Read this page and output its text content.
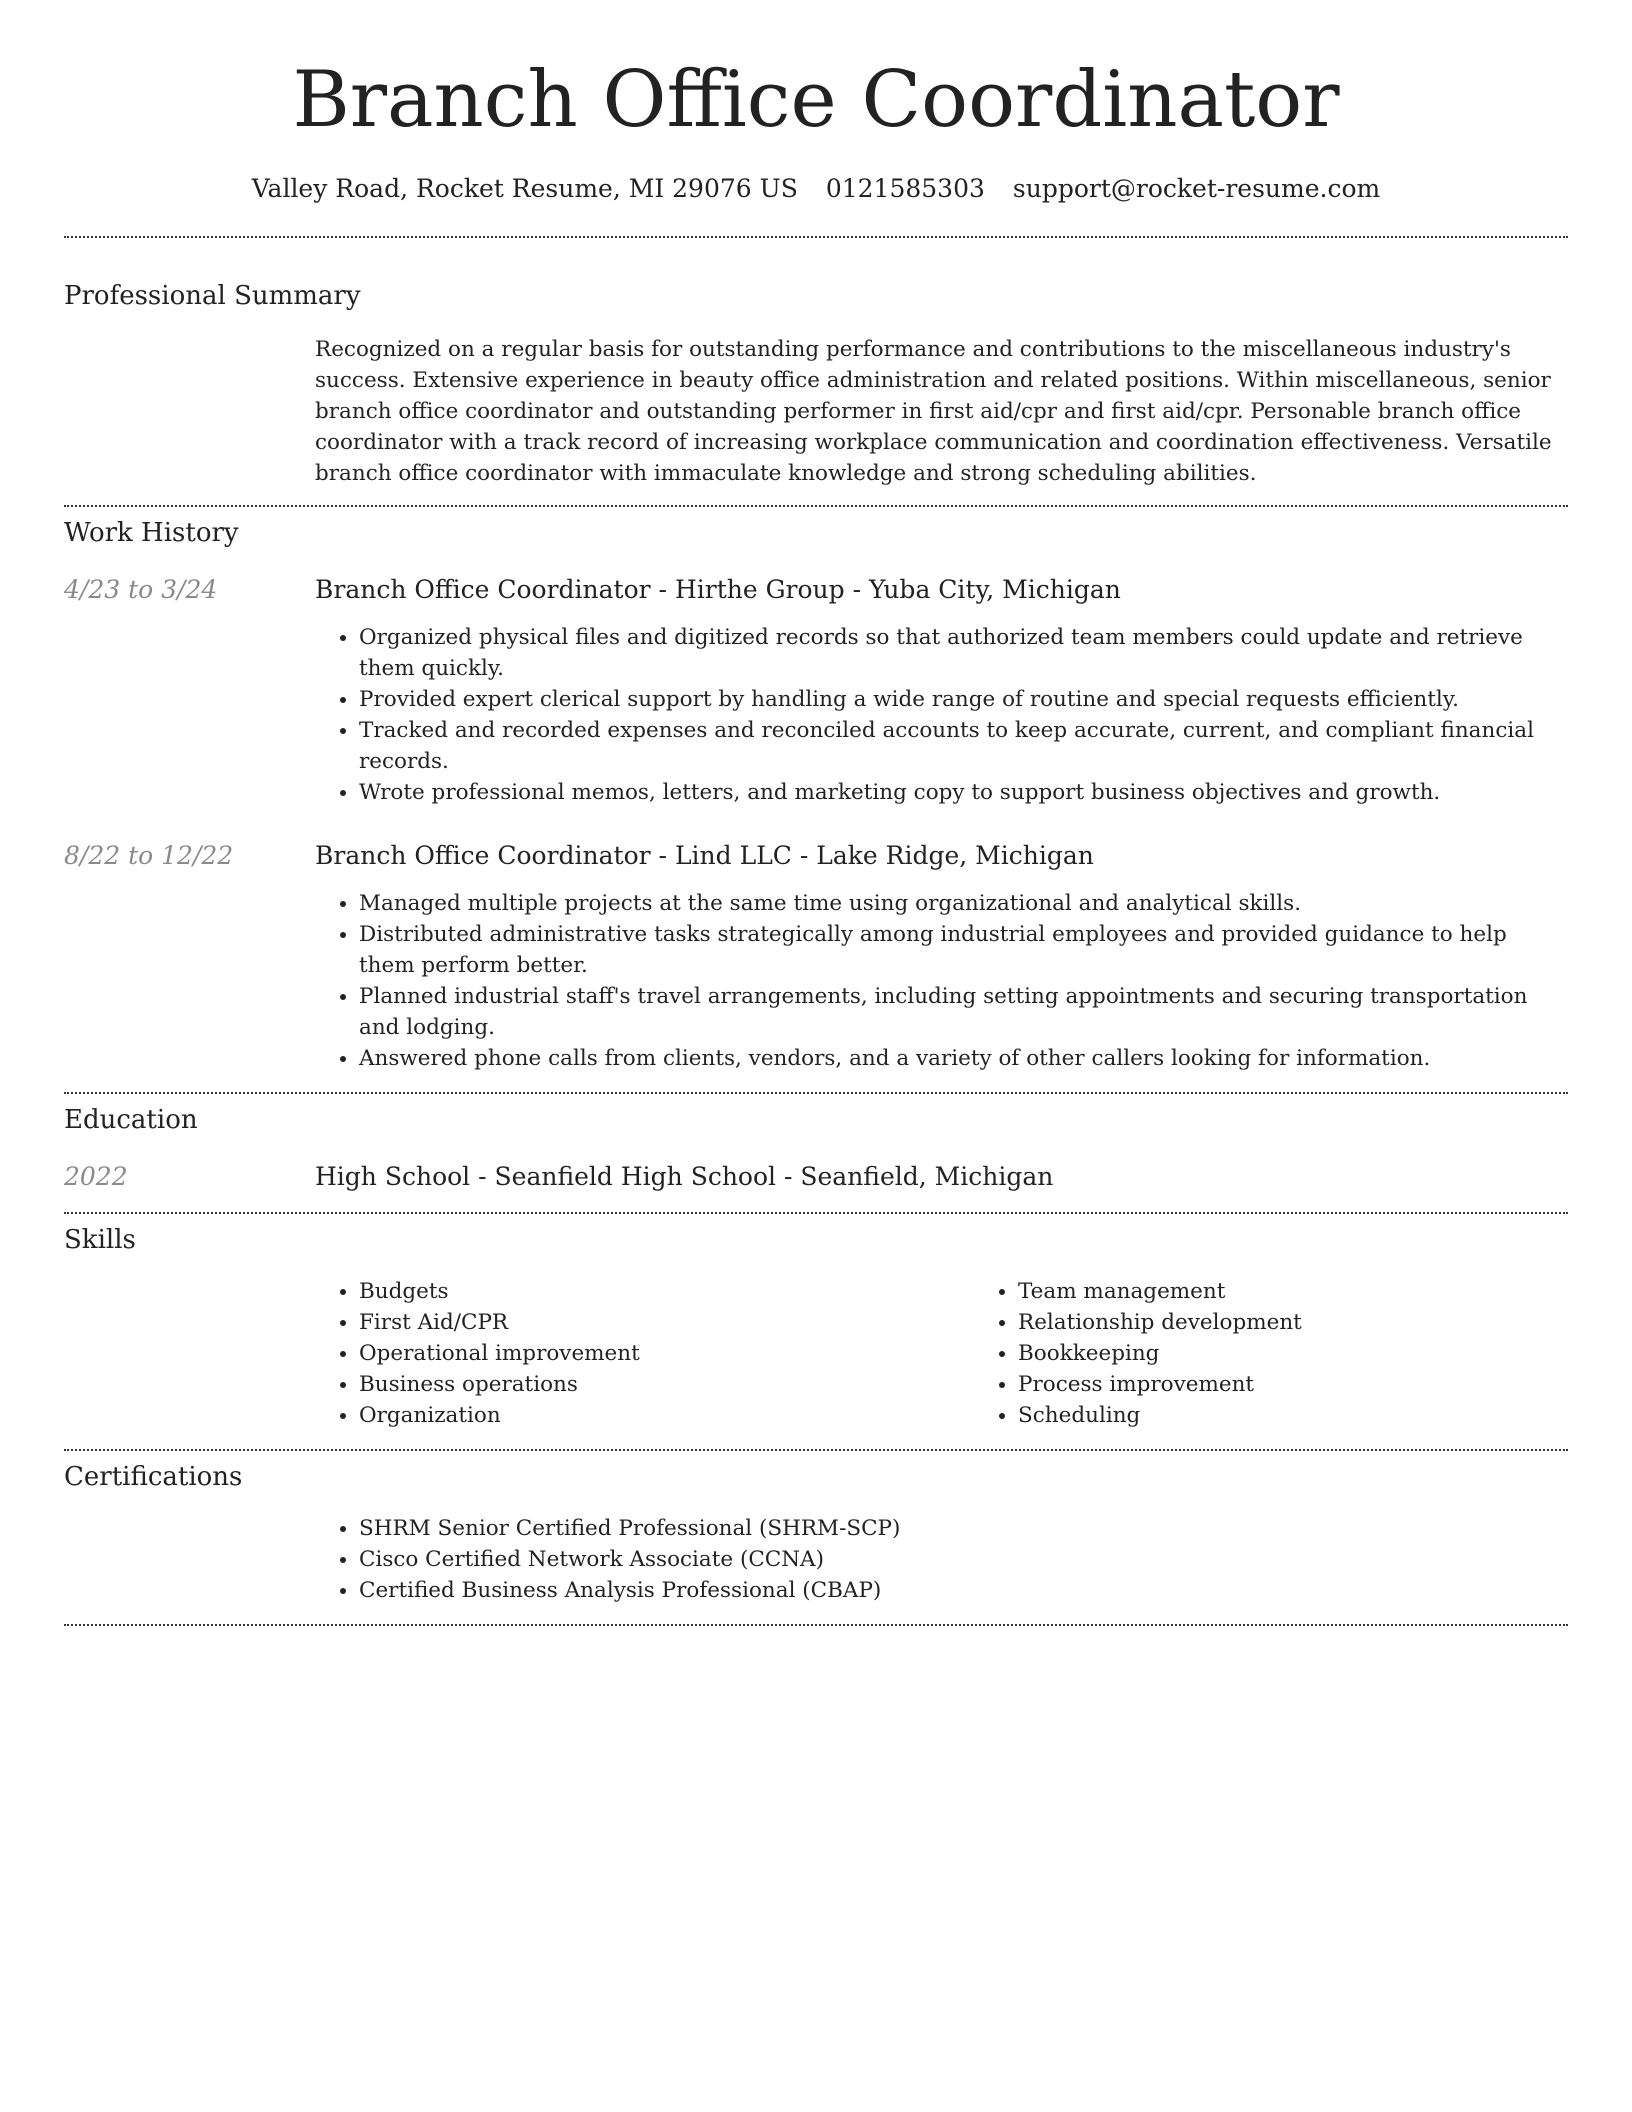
Branch Office Coordinator
Valley Road, Rocket Resume, MI 29076 US 0121585303 support@rocket-resume.com
Professional Summary

Recognized on a regular basis for outstanding performance and contributions to the miscellaneous industry's success. Extensive experience in beauty office administration and related positions. Within miscellaneous, senior branch office coordinator and outstanding performer in first aid/cpr and first aid/cpr. Personable branch office coordinator with a track record of increasing workplace communication and coordination effectiveness. Versatile branch office coordinator with immaculate knowledge and strong scheduling abilities.

Work History
4/23 to 3/24	Branch Office Coordinator - Hirthe Group - Yuba City, Michigan
• Organized physical files and digitized records so that authorized team members could update and retrieve them quickly.
• Provided expert clerical support by handling a wide range of routine and special requests efficiently.
• Tracked and recorded expenses and reconciled accounts to keep accurate, current, and compliant financial records.
• Wrote professional memos, letters, and marketing copy to support business objectives and growth.
8/22 to 12/22	Branch Office Coordinator - Lind LLC - Lake Ridge, Michigan
• Managed multiple projects at the same time using organizational and analytical skills.
• Distributed administrative tasks strategically among industrial employees and provided guidance to help them perform better.
• Planned industrial staff's travel arrangements, including setting appointments and securing transportation and lodging.
• Answered phone calls from clients, vendors, and a variety of other callers looking for information.
Education
2022	High School - Seanfield High School - Seanfield, Michigan
Skills
• Budgets
• First Aid/CPR
• Operational improvement
• Business operations
• Organization
• Team management
• Relationship development
• Bookkeeping
• Process improvement
• Scheduling
Certifications
• SHRM Senior Certified Professional (SHRM-SCP)
• Cisco Certified Network Associate (CCNA)
• Certified Business Analysis Professional (CBAP)
